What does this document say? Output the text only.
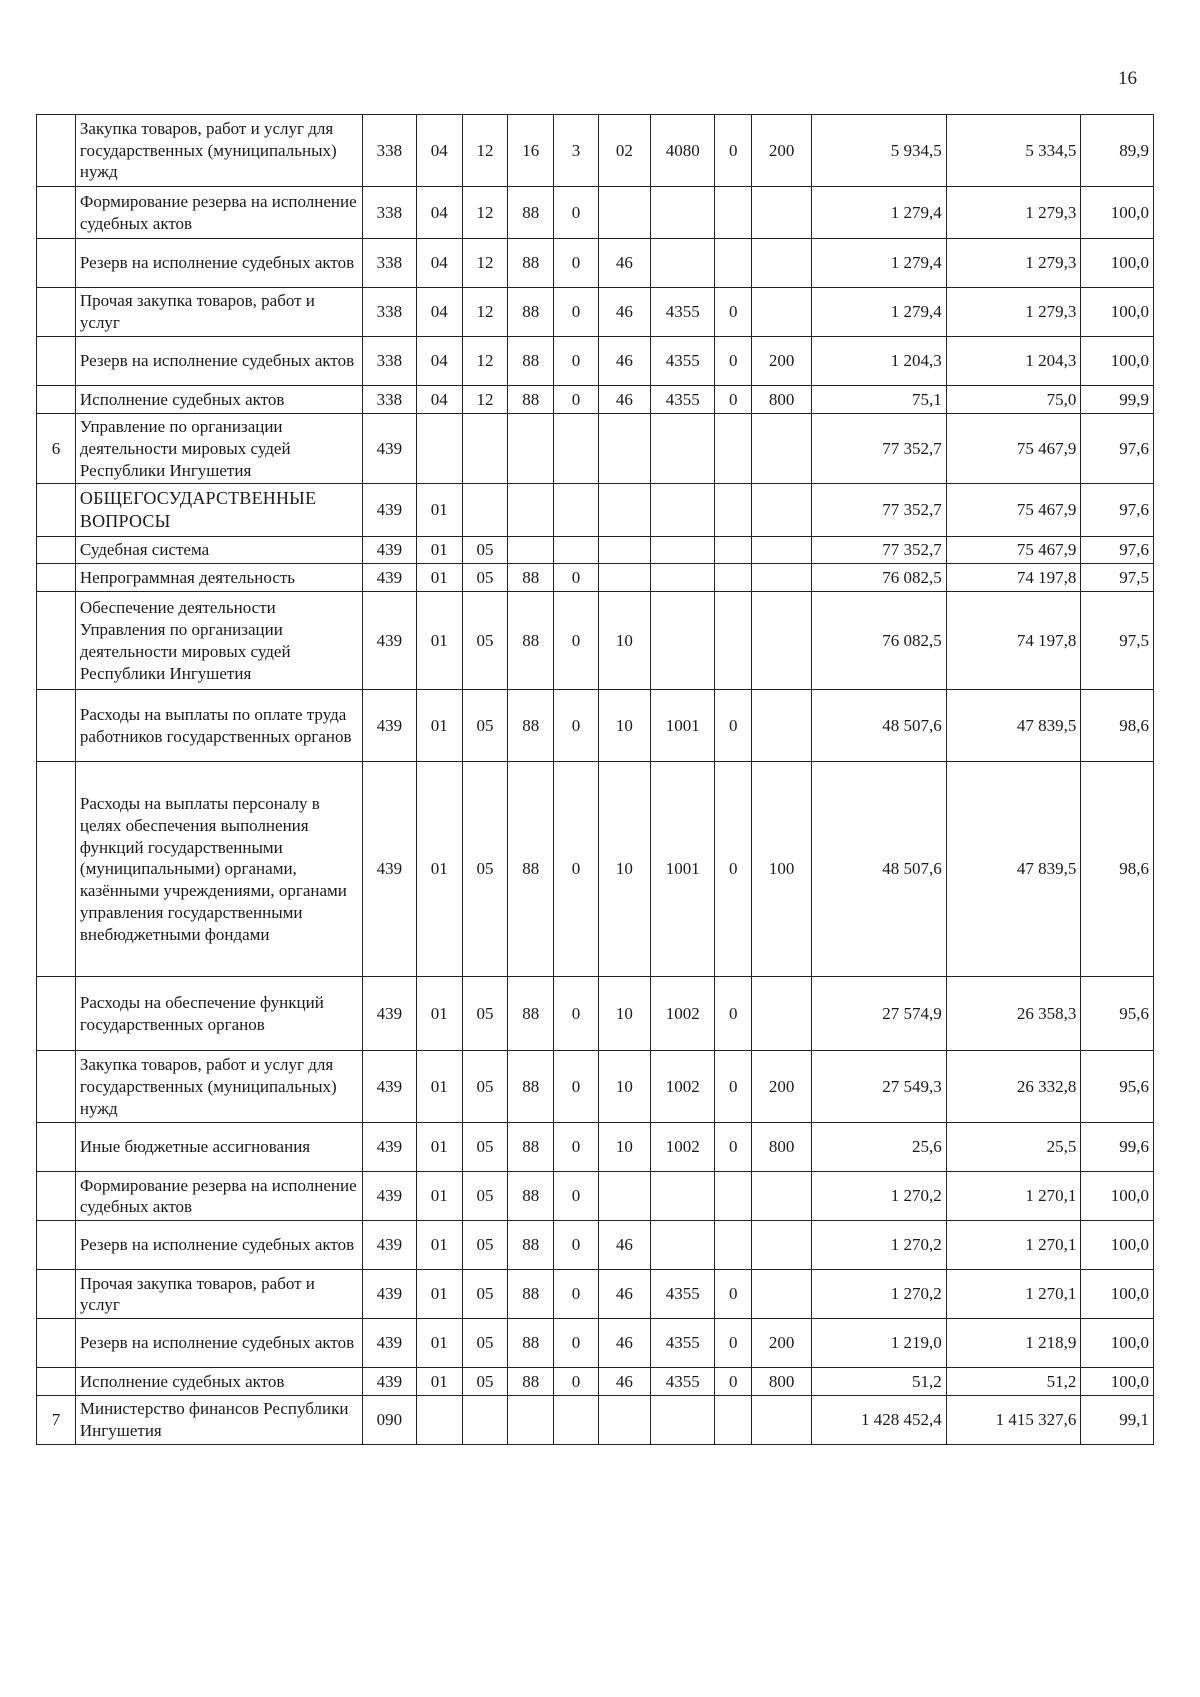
16
	Закупка товаров, работ и услуг для государственных (муниципальных) нужд	338	04	12	16	3	02	4080	0	200	5 934,5	5 334,5	89,9
	Формирование резерва на исполнение судебных актов	338	04	12	88	0					1 279,4	1 279,3	100,0
	Резерв на исполнение судебных актов	338	04	12	88	0	46				1 279,4	1 279,3	100,0
	Прочая закупка товаров, работ и услуг	338	04	12	88	0	46	4355	0		1 279,4	1 279,3	100,0
	Резерв на исполнение судебных актов	338	04	12	88	0	46	4355	0	200	1 204,3	1 204,3	100,0
	Исполнение судебных актов	338	04	12	88	0	46	4355	0	800	75,1	75,0	99,9
6	Управление по организации деятельности мировых судей Республики Ингушетия	439									77 352,7	75 467,9	97,6
	ОБЩЕГОСУДАРСТВЕННЫЕ ВОПРОСЫ	439	01								77 352,7	75 467,9	97,6
	Судебная система	439	01	05							77 352,7	75 467,9	97,6
	Непрограммная деятельность	439	01	05	88	0					76 082,5	74 197,8	97,5
	Обеспечение деятельности Управления по организации деятельности мировых судей Республики Ингушетия	439	01	05	88	0	10				76 082,5	74 197,8	97,5
	Расходы на выплаты по оплате труда работников государственных органов	439	01	05	88	0	10	1001	0		48 507,6	47 839,5	98,6
	Расходы на выплаты персоналу в целях обеспечения выполнения функций государственными (муниципальными) органами, казёнными учреждениями, органами управления государственными внебюджетными фондами	439	01	05	88	0	10	1001	0	100	48 507,6	47 839,5	98,6
	Расходы на обеспечение функций государственных органов	439	01	05	88	0	10	1002	0		27 574,9	26 358,3	95,6
	Закупка товаров, работ и услуг для государственных (муниципальных) нужд	439	01	05	88	0	10	1002	0	200	27 549,3	26 332,8	95,6
	Иные бюджетные ассигнования	439	01	05	88	0	10	1002	0	800	25,6	25,5	99,6
	Формирование резерва на исполнение судебных актов	439	01	05	88	0					1 270,2	1 270,1	100,0
	Резерв на исполнение судебных актов	439	01	05	88	0	46				1 270,2	1 270,1	100,0
	Прочая закупка товаров, работ и услуг	439	01	05	88	0	46	4355	0		1 270,2	1 270,1	100,0
	Резерв на исполнение судебных актов	439	01	05	88	0	46	4355	0	200	1 219,0	1 218,9	100,0
	Исполнение судебных актов	439	01	05	88	0	46	4355	0	800	51,2	51,2	100,0
7	Министерство финансов Республики Ингушетия	090									1 428 452,4	1 415 327,6	99,1
